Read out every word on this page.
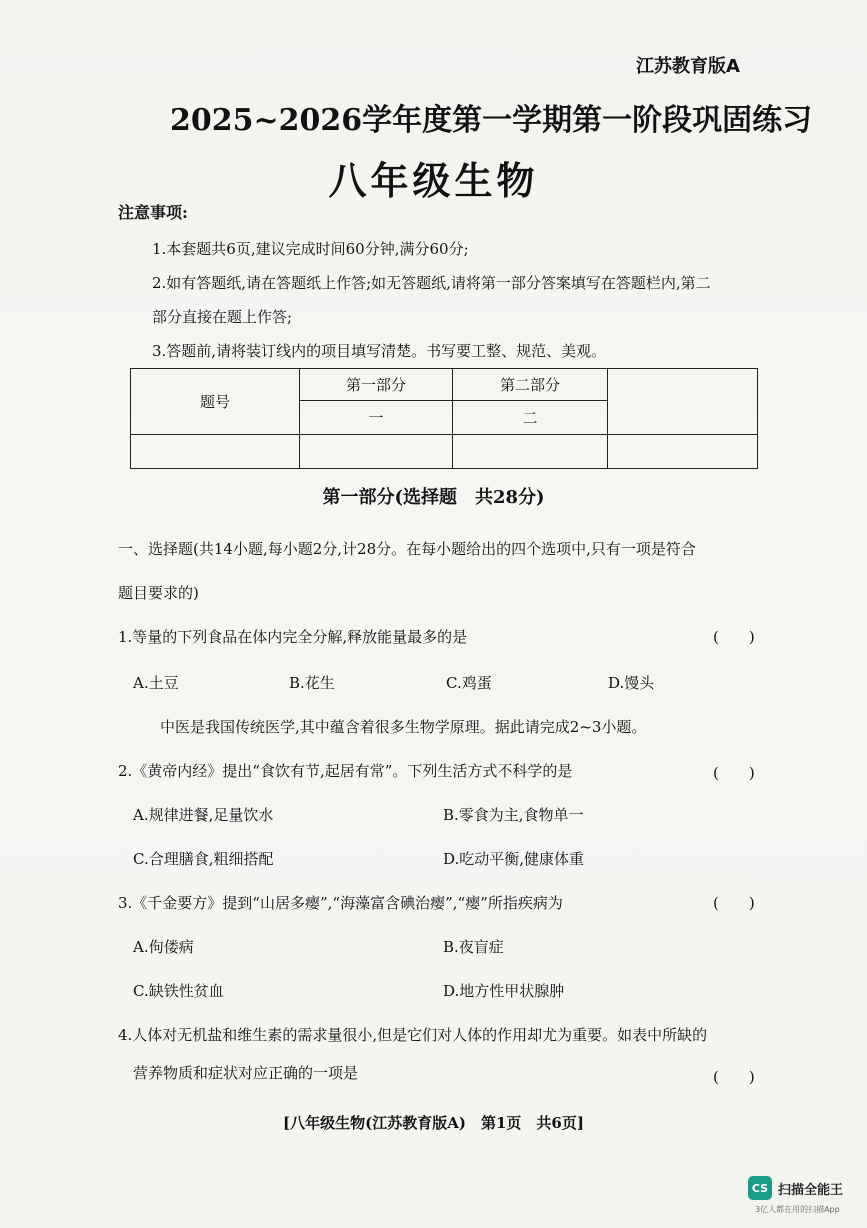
江苏教育版A
2025~2026学年度第一学期第一阶段巩固练习
八年级生物
注意事项:
1.本套题共6页,建议完成时间60分钟,满分60分;
2.如有答题纸,请在答题纸上作答;如无答题纸,请将第一部分答案填写在答题栏内,第二
部分直接在题上作答;
3.答题前,请将装订线内的项目填写清楚。书写要工整、规范、美观。
题号	第一部分	第二部分	
	一	二	

第一部分(选择题　共28分)
一、选择题(共14小题,每小题2分,计28分。在每小题给出的四个选项中,只有一项是符合
题目要求的)
1.等量的下列食品在体内完全分解,释放能量最多的是	(　　)
A.土豆	B.花生	C.鸡蛋	D.馒头
中医是我国传统医学,其中蕴含着很多生物学原理。据此请完成2~3小题。
2.《黄帝内经》提出“食饮有节,起居有常”。下列生活方式不科学的是	(　　)
A.规律进餐,足量饮水	B.零食为主,食物单一
C.合理膳食,粗细搭配	D.吃动平衡,健康体重
3.《千金要方》提到“山居多瘿”,“海藻富含碘治瘿”,“瘿”所指疾病为	(　　)
A.佝偻病	B.夜盲症
C.缺铁性贫血	D.地方性甲状腺肿
4.人体对无机盐和维生素的需求量很小,但是它们对人体的作用却尤为重要。如表中所缺的
营养物质和症状对应正确的一项是	(　　)
[八年级生物(江苏教育版A)　第1页　共6页]
CS 扫描全能王
3亿人都在用的扫描App
